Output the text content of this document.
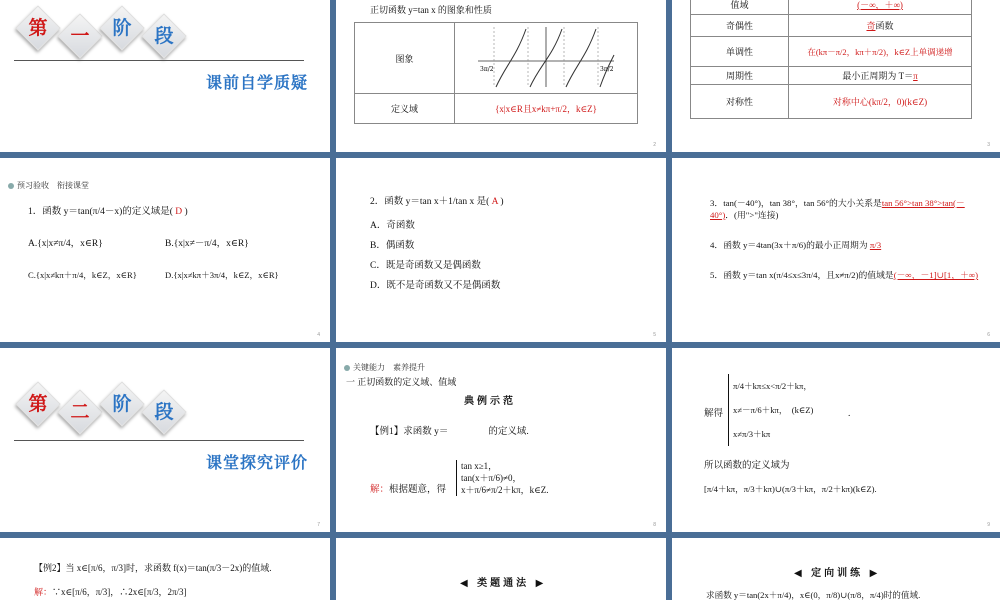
第	一	阶	段
课前自学质疑
正切函数 y=tan x 的图象和性质
图象	3π/2 3π/2

定义域	{x|x∈R且x≠kπ+π/2，k∈Z}
2
值域	(－∞，＋∞)
奇偶性	奇函数
单调性	在(kπ－π/2，kπ＋π/2)，k∈Z上单调递增
周期性	最小正周期为 T＝π
对称性	对称中心(kπ/2，0)(k∈Z)
3
预习验收　衔接课堂
1．函数 y＝tan(π/4－x)的定义域是( D )
A.{x|x≠π/4，x∈R}	B.{x|x≠－π/4，x∈R}
C.{x|x≠kπ＋π/4，k∈Z，x∈R}	D.{x|x≠kπ＋3π/4，k∈Z，x∈R}
4
2．函数 y＝tan x＋1/tan x 是( A )
A．奇函数
B．偶函数
C．既是奇函数又是偶函数
D．既不是奇函数又不是偶函数
5
3．tan(－40°)，tan 38°，tan 56°的大小关系是tan 56°>tan 38°>tan(－40°)．(用">"连接)
4．函数 y＝4tan(3x＋π/6)的最小正周期为 π/3
5．函数 y＝tan x(π/4≤x≤3π/4，且x≠π/2)的值域是(－∞，－1]∪[1，＋∞)
6
第	二	阶	段
课堂探究评价
7
关键能力　素养提升
一 正切函数的定义域、值域
典例示范
【例1】求函数 y＝	的定义域.
解：根据题意，得
tan x≥1，
tan(x＋π/6)≠0，
x＋π/6≠π/2＋kπ，k∈Z.
8
解得
π/4＋kπ≤x<π/2＋kπ，
x≠－π/6＋kπ，　(k∈Z)
x≠π/3＋kπ
.
所以函数的定义域为
[π/4＋kπ，π/3＋kπ)∪(π/3＋kπ，π/2＋kπ)(k∈Z).
9
【例2】当 x∈[π/6，π/3]时，求函数 f(x)＝tan(π/3－2x)的值域.
解：∵x∈[π/6，π/3]，∴2x∈[π/3，2π/3]
◀ 类题通法 ▶
◀ 定向训练 ▶
求函数 y＝tan(2x＋π/4)，x∈(0，π/8)∪(π/8，π/4)时的值域.
